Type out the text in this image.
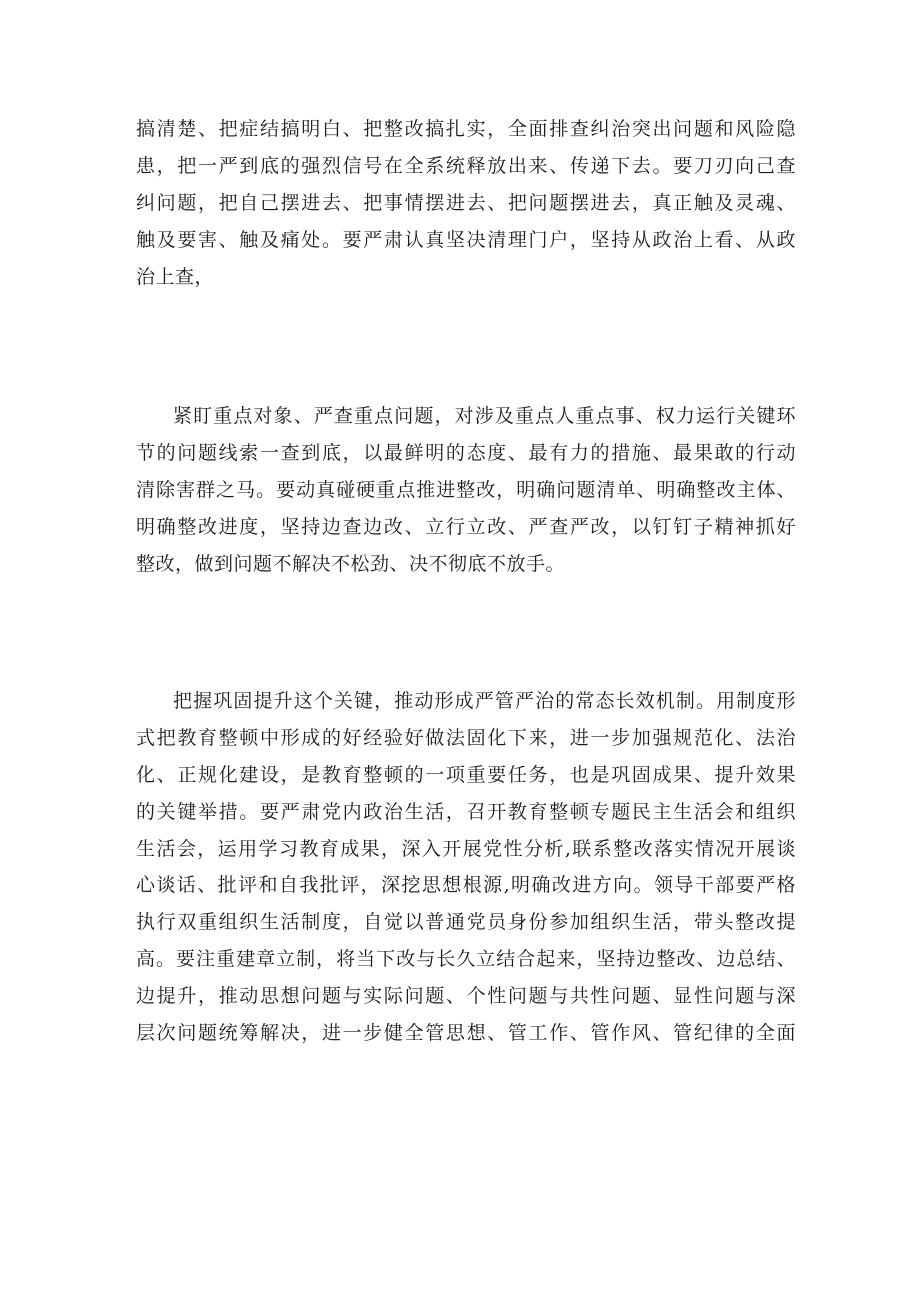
搞清楚、把症结搞明白、把整改搞扎实，全面排查纠治突出问题和风险隐
患，把一严到底的强烈信号在全系统释放出来、传递下去。要刀刃向己查
纠问题，把自己摆进去、把事情摆进去、把问题摆进去，真正触及灵魂、
触及要害、触及痛处。要严肃认真坚决清理门户，坚持从政治上看、从政
治上查，
紧盯重点对象、严查重点问题，对涉及重点人重点事、权力运行关键环
节的问题线索一查到底，以最鲜明的态度、最有力的措施、最果敢的行动
清除害群之马。要动真碰硬重点推进整改，明确问题清单、明确整改主体、
明确整改进度，坚持边查边改、立行立改、严查严改，以钉钉子精神抓好
整改，做到问题不解决不松劲、决不彻底不放手。
把握巩固提升这个关键，推动形成严管严治的常态长效机制。用制度形
式把教育整顿中形成的好经验好做法固化下来，进一步加强规范化、法治
化、正规化建设，是教育整顿的一项重要任务，也是巩固成果、提升效果
的关键举措。要严肃党内政治生活，召开教育整顿专题民主生活会和组织
生活会，运用学习教育成果，深入开展党性分析,联系整改落实情况开展谈
心谈话、批评和自我批评，深挖思想根源,明确改进方向。领导干部要严格
执行双重组织生活制度，自觉以普通党员身份参加组织生活，带头整改提
高。要注重建章立制，将当下改与长久立结合起来，坚持边整改、边总结、
边提升，推动思想问题与实际问题、个性问题与共性问题、显性问题与深
层次问题统筹解决，进一步健全管思想、管工作、管作风、管纪律的全面
